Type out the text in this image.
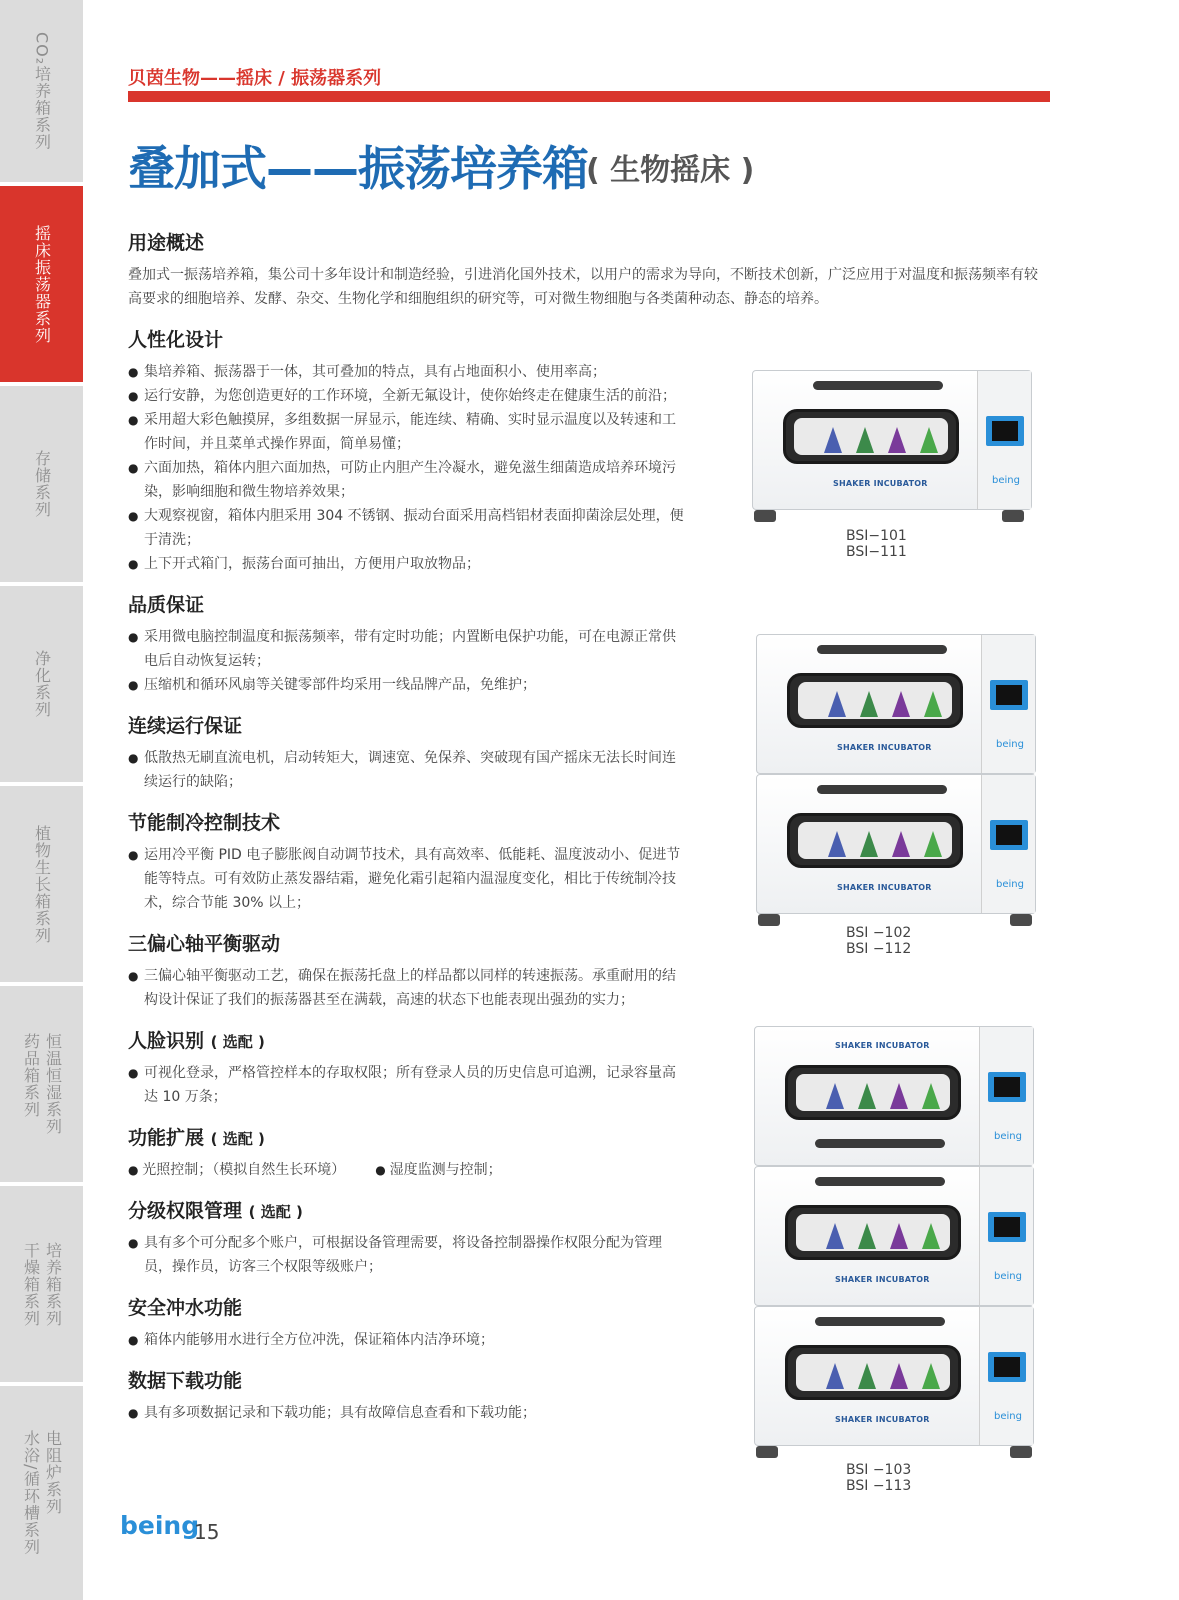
CO₂培养箱系列
摇床振荡器系列
存储系列
净化系列
植物生长箱系列
恒温恒湿系列
药品箱系列
培养箱系列
干燥箱系列
电阻炉系列
水浴/循环槽系列
贝茵生物——摇床 / 振荡器系列
叠加式——振荡培养箱
( 生物摇床 )
用途概述

叠加式一振荡培养箱，集公司十多年设计和制造经验，引进消化国外技术，以用户的需求为导向，不断技术创新，广泛应用于对温度和振荡频率有较高要求的细胞培养、发酵、杂交、生物化学和细胞组织的研究等，可对微生物细胞与各类菌种动态、静态的培养。

人性化设计
● 集培养箱、振荡器于一体，其可叠加的特点，具有占地面积小、使用率高；
● 运行安静，为您创造更好的工作环境，全新无氟设计，使你始终走在健康生活的前沿；
● 采用超大彩色触摸屏，多组数据一屏显示，能连续、精确、实时显示温度以及转速和工作时间，并且菜单式操作界面，简单易懂；
● 六面加热，箱体内胆六面加热，可防止内胆产生冷凝水，避免滋生细菌造成培养环境污染，影响细胞和微生物培养效果；
● 大观察视窗，箱体内胆采用 304 不锈钢、振动台面采用高档铝材表面抑菌涂层处理，便于清洗；
● 上下开式箱门，振荡台面可抽出，方便用户取放物品；
品质保证
● 采用微电脑控制温度和振荡频率，带有定时功能；内置断电保护功能，可在电源正常供电后自动恢复运转；
● 压缩机和循环风扇等关键零部件均采用一线品牌产品，免维护；
连续运行保证
● 低散热无刷直流电机，启动转矩大，调速宽、免保养、突破现有国产摇床无法长时间连续运行的缺陷；
节能制冷控制技术
● 运用冷平衡 PID 电子膨胀阀自动调节技术，具有高效率、低能耗、温度波动小、促进节能等特点。可有效防止蒸发器结霜，避免化霜引起箱内温湿度变化，相比于传统制冷技术，综合节能 30% 以上；
三偏心轴平衡驱动
● 三偏心轴平衡驱动工艺，确保在振荡托盘上的样品都以同样的转速振荡。承重耐用的结构设计保证了我们的振荡器甚至在满载，高速的状态下也能表现出强劲的实力；
人脸识别 ( 选配 )
● 可视化登录，严格管控样本的存取权限；所有登录人员的历史信息可追溯，记录容量高达 10 万条；
功能扩展 ( 选配 )
● 光照控制；（模拟自然生长环境）
●	湿度监测与控制；
分级权限管理 ( 选配 )
● 具有多个可分配多个账户，可根据设备管理需要，将设备控制器操作权限分配为管理员，操作员，访客三个权限等级账户；
安全冲水功能
● 箱体内能够用水进行全方位冲洗，保证箱体内洁净环境；
数据下载功能
● 具有多项数据记录和下载功能；具有故障信息查看和下载功能；
being
SHAKER INCUBATOR
BSI−101
BSI−111
being
SHAKER INCUBATOR
being
SHAKER INCUBATOR
BSI −102
BSI −112
SHAKER INCUBATOR
being
being
SHAKER INCUBATOR
being
SHAKER INCUBATOR
BSI −103
BSI −113
being
15
